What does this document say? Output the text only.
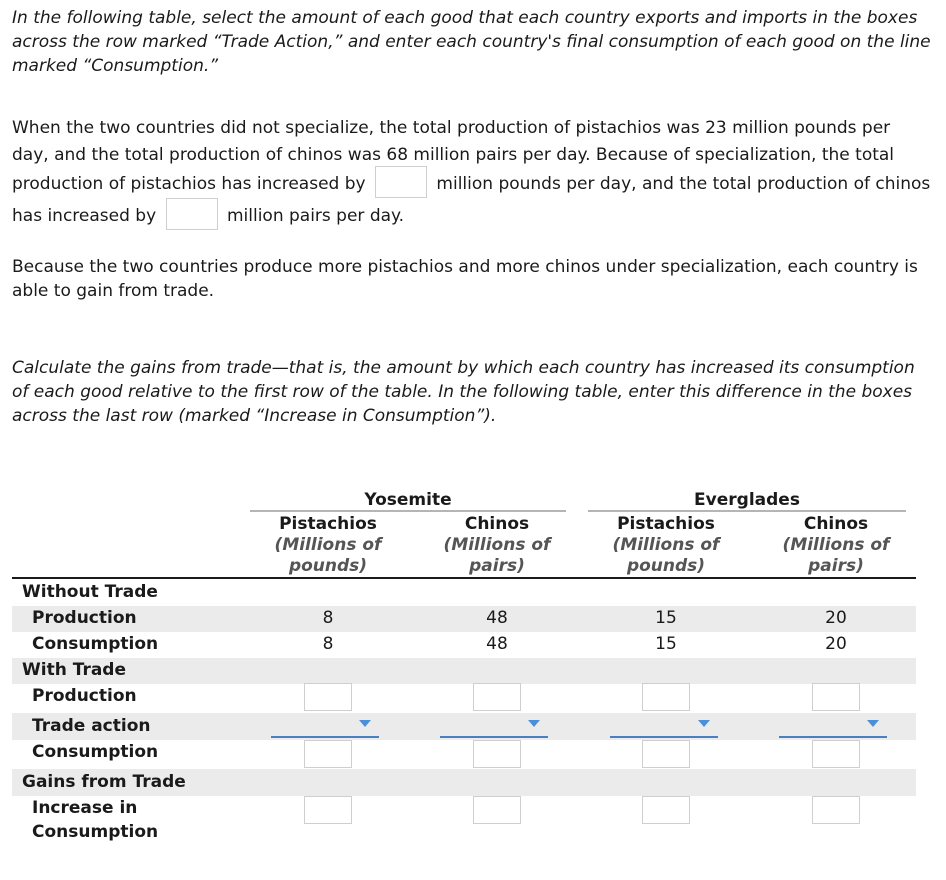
In the following table, select the amount of each good that each country exports and imports in the boxes across the row marked “Trade Action,” and enter each country's final consumption of each good on the line marked “Consumption.”

When the two countries did not specialize, the total production of pistachios was 23 million pounds per day, and the total production of chinos was 68 million pairs per day. Because of specialization, the total production of pistachios has increased by	million pounds per day, and the total production of chinos has increased by	million pairs per day.

Because the two countries produce more pistachios and more chinos under specialization, each country is able to gain from trade.

Calculate the gains from trade—that is, the amount by which each country has increased its consumption of each good relative to the first row of the table. In the following table, enter this difference in the boxes across the last row (marked “Increase in Consumption”).

Yosemite	Everglades
Pistachios
(Millions of
pounds)
Chinos
(Millions of
pairs)
Pistachios
(Millions of
pounds)
Chinos
(Millions of
pairs)
Without Trade
Production	8	48	15	20
Consumption	8	48	15	20
With Trade
Production
Trade action
Consumption
Gains from Trade
Increase in
Consumption
